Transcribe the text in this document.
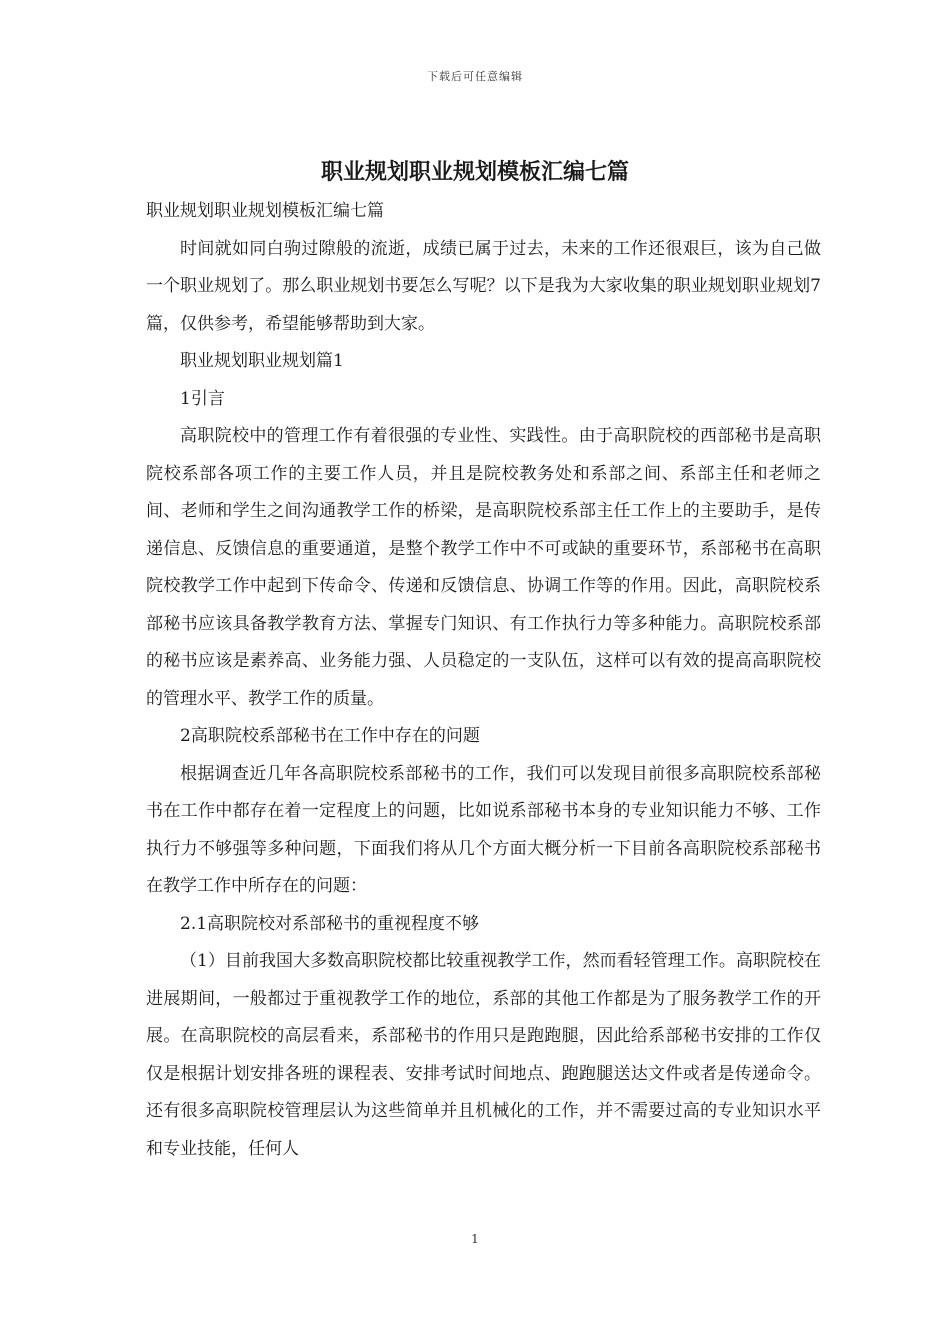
下载后可任意编辑
职业规划职业规划模板汇编七篇

职业规划职业规划模板汇编七篇

时间就如同白驹过隙般的流逝，成绩已属于过去，未来的工作还很艰巨，该为自己做一个职业规划了。那么职业规划书要怎么写呢？以下是我为大家收集的职业规划职业规划7篇，仅供参考，希望能够帮助到大家。

职业规划职业规划篇1

1引言

高职院校中的管理工作有着很强的专业性、实践性。由于高职院校的西部秘书是高职院校系部各项工作的主要工作人员，并且是院校教务处和系部之间、系部主任和老师之间、老师和学生之间沟通教学工作的桥梁，是高职院校系部主任工作上的主要助手，是传递信息、反馈信息的重要通道，是整个教学工作中不可或缺的重要环节，系部秘书在高职院校教学工作中起到下传命令、传递和反馈信息、协调工作等的作用。因此，高职院校系部秘书应该具备教学教育方法、掌握专门知识、有工作执行力等多种能力。高职院校系部的秘书应该是素养高、业务能力强、人员稳定的一支队伍，这样可以有效的提高高职院校的管理水平、教学工作的质量。

2高职院校系部秘书在工作中存在的问题

根据调查近几年各高职院校系部秘书的工作，我们可以发现目前很多高职院校系部秘书在工作中都存在着一定程度上的问题，比如说系部秘书本身的专业知识能力不够、工作执行力不够强等多种问题，下面我们将从几个方面大概分析一下目前各高职院校系部秘书在教学工作中所存在的问题：

2.1高职院校对系部秘书的重视程度不够

（1）目前我国大多数高职院校都比较重视教学工作，然而看轻管理工作。高职院校在进展期间，一般都过于重视教学工作的地位，系部的其他工作都是为了服务教学工作的开展。在高职院校的高层看来，系部秘书的作用只是跑跑腿，因此给系部秘书安排的工作仅仅是根据计划安排各班的课程表、安排考试时间地点、跑跑腿送达文件或者是传递命令。还有很多高职院校管理层认为这些简单并且机械化的工作，并不需要过高的专业知识水平和专业技能，任何人

1
